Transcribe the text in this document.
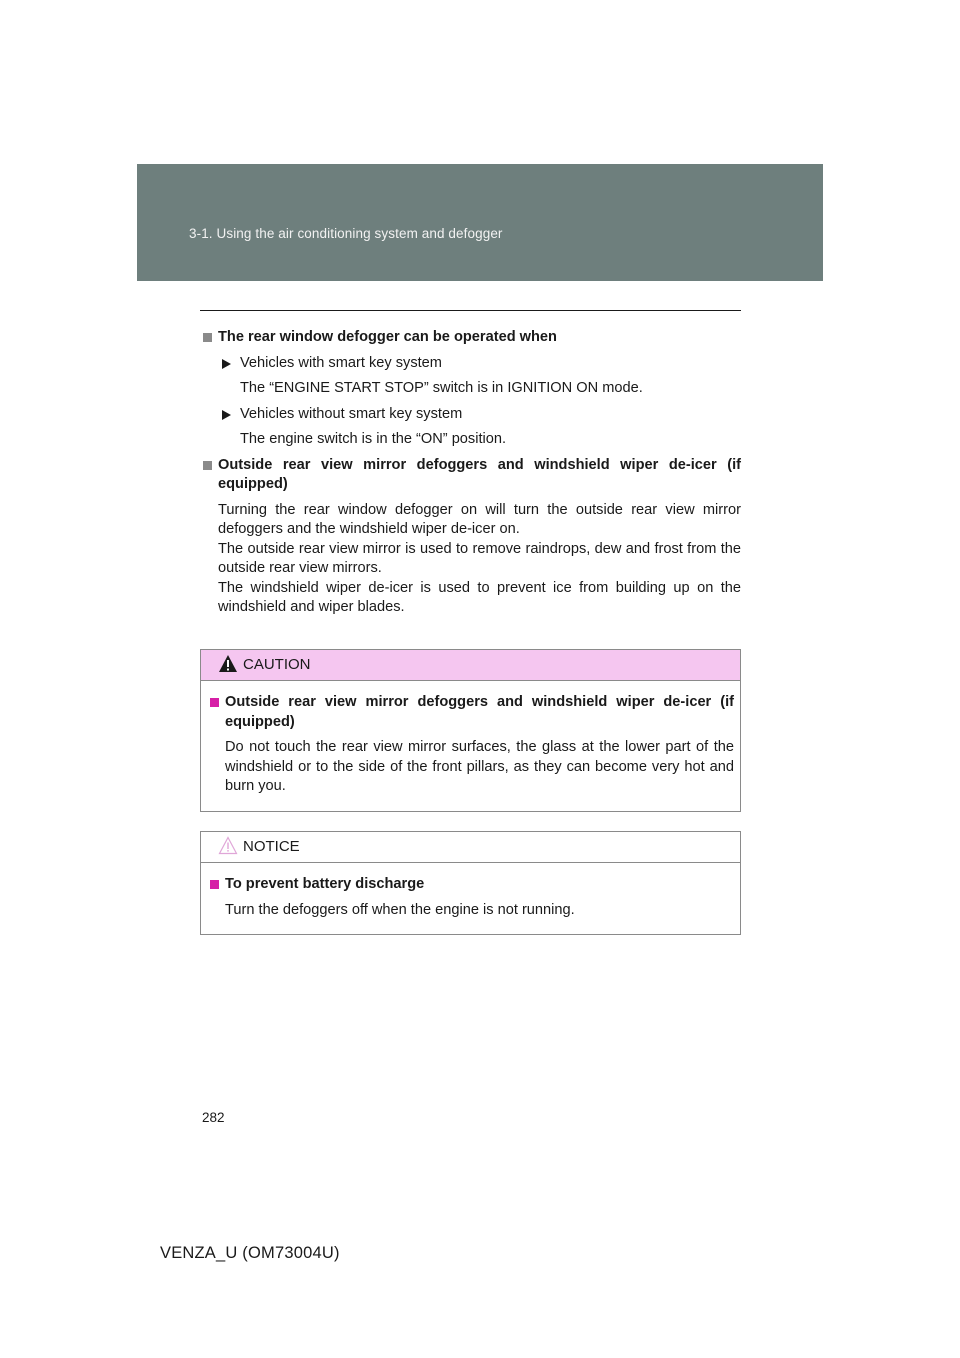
3-1. Using the air conditioning system and defogger
The rear window defogger can be operated when
Vehicles with smart key system
The “ENGINE START STOP” switch is in IGNITION ON mode.
Vehicles without smart key system
The engine switch is in the “ON” position.
Outside rear view mirror defoggers and windshield wiper de-icer (if equipped)
Turning the rear window defogger on will turn the outside rear view mirror defoggers and the windshield wiper de-icer on.
The outside rear view mirror is used to remove raindrops, dew and frost from the outside rear view mirrors.
The windshield wiper de-icer is used to prevent ice from building up on the windshield and wiper blades.
CAUTION
Outside rear view mirror defoggers and windshield wiper de-icer (if equipped)
Do not touch the rear view mirror surfaces, the glass at the lower part of the windshield or to the side of the front pillars, as they can become very hot and burn you.
NOTICE
To prevent battery discharge
Turn the defoggers off when the engine is not running.
282
VENZA_U (OM73004U)
